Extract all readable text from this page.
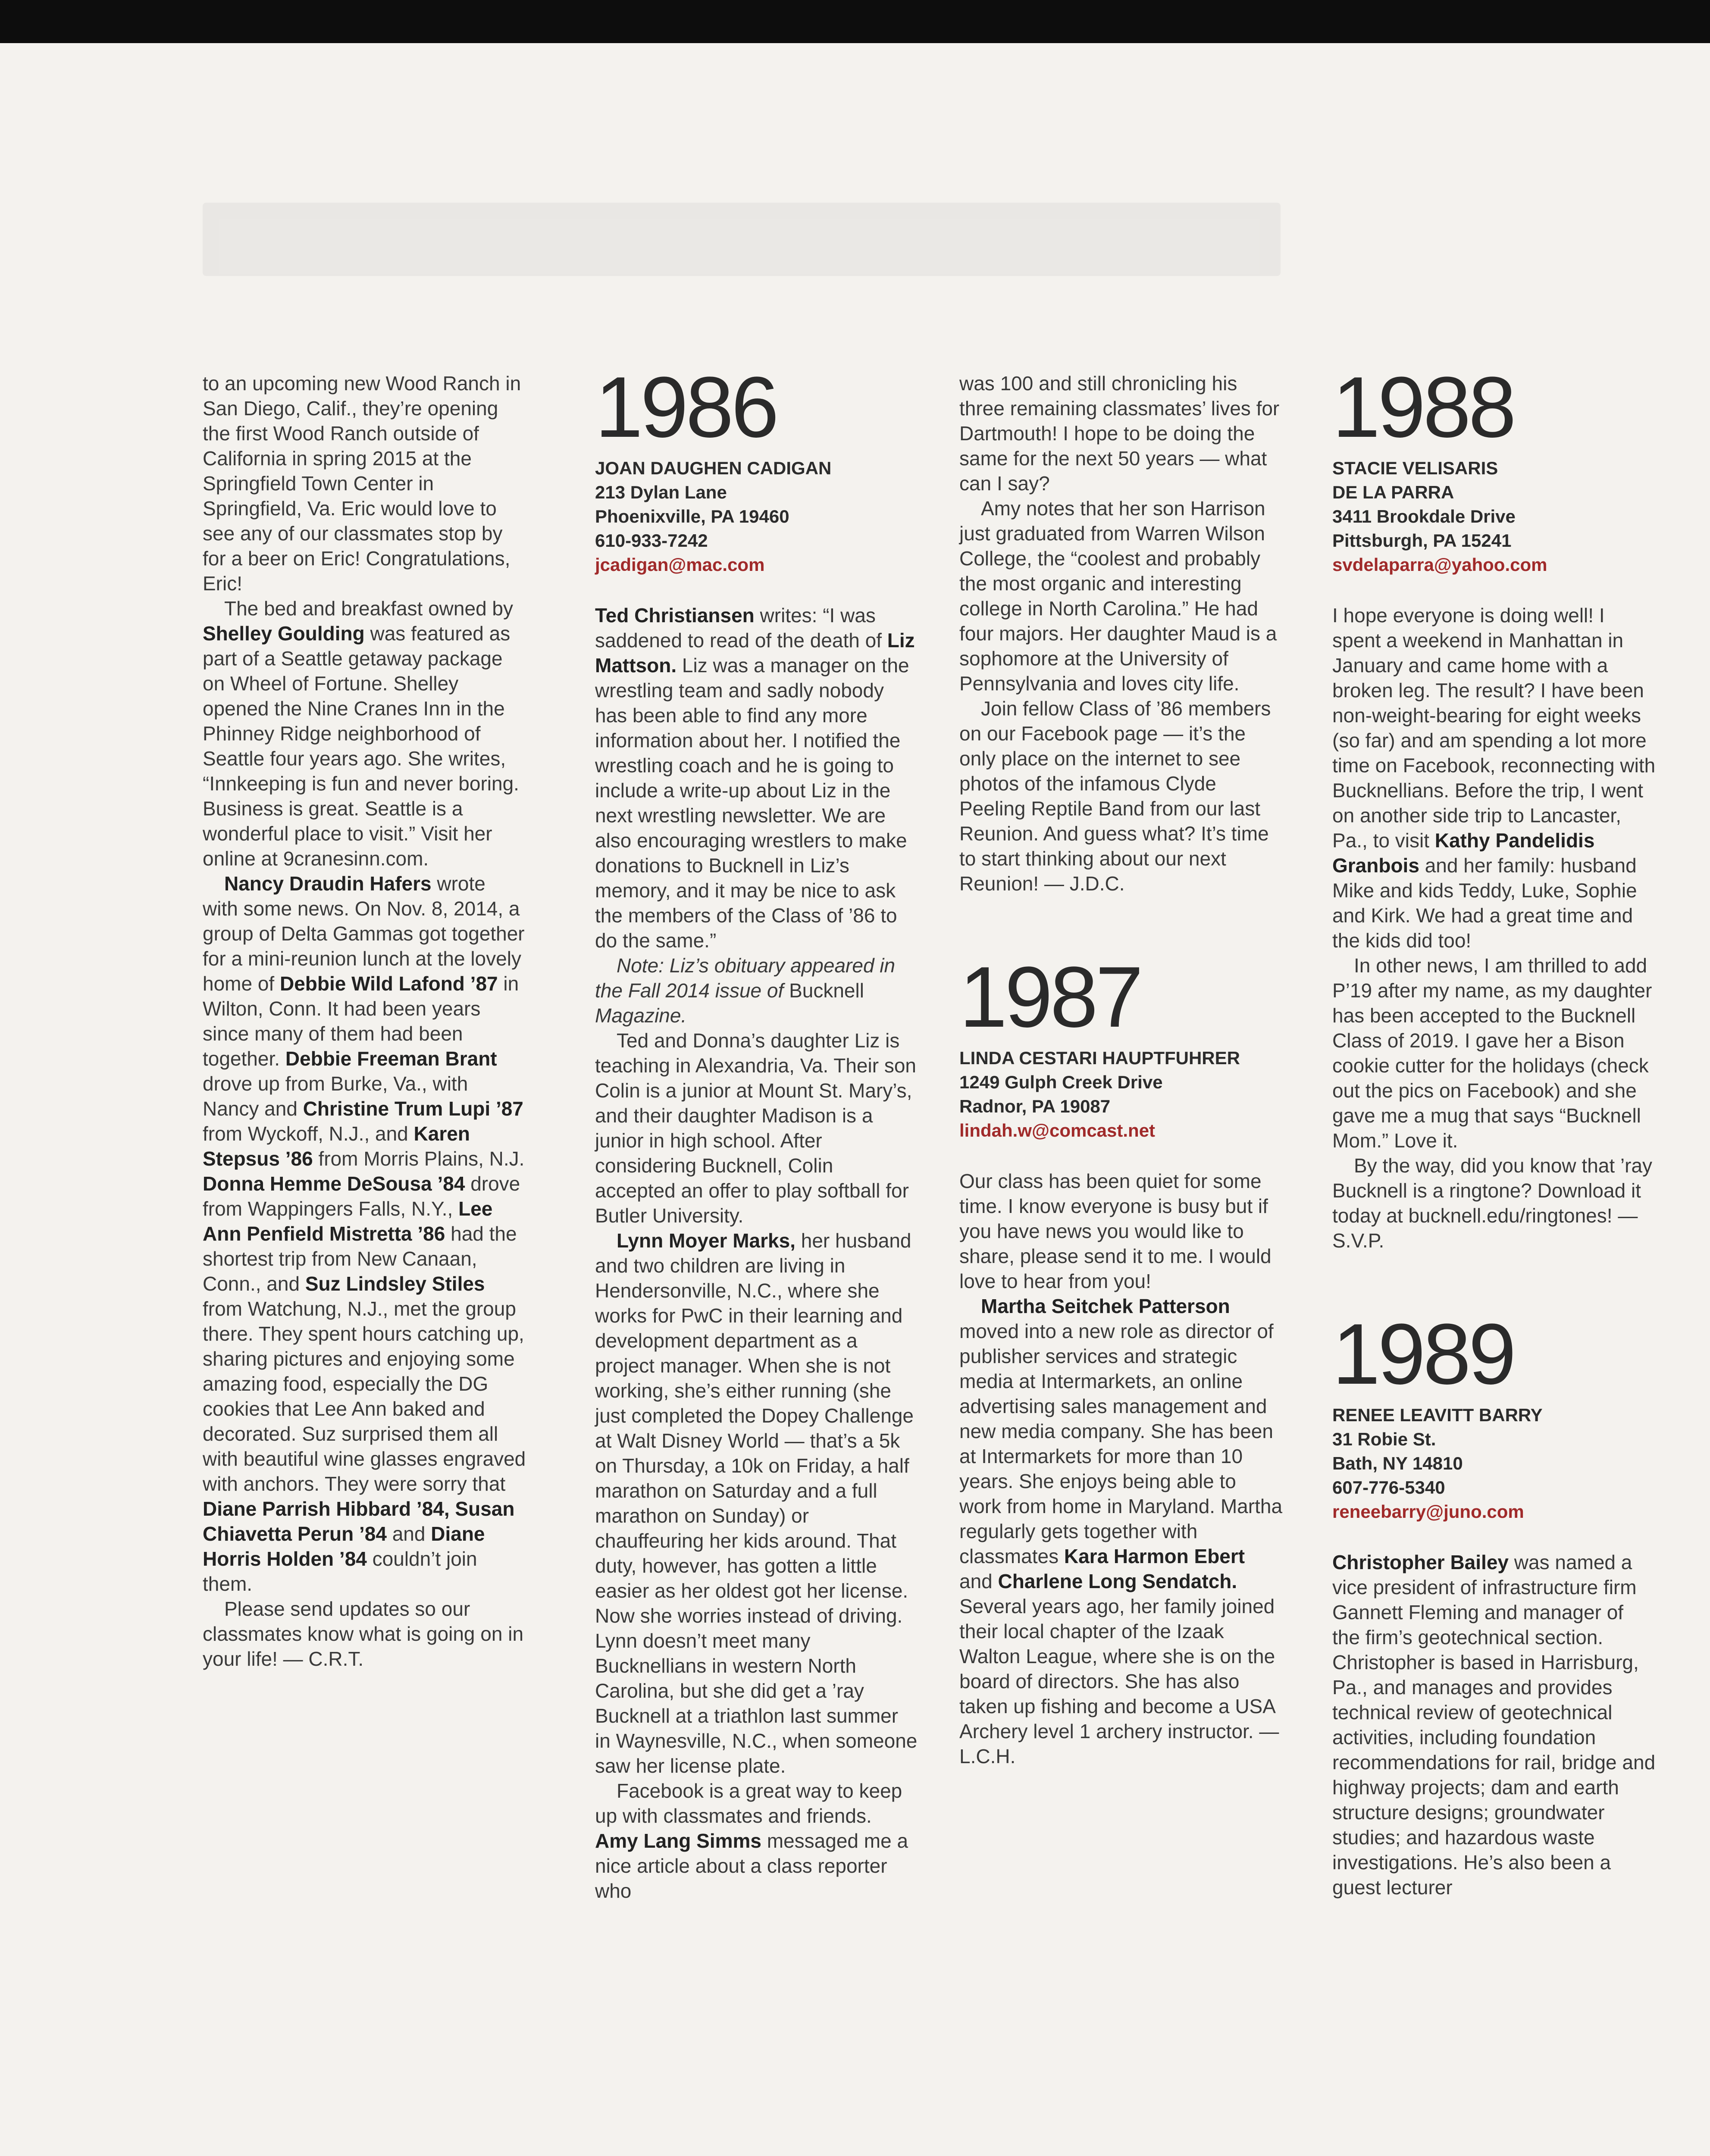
to an upcoming new Wood Ranch in San Diego, Calif., they’re opening the first Wood Ranch outside of California in spring 2015 at the Springfield Town Center in Springfield, Va. Eric would love to see any of our classmates stop by for a beer on Eric! Congratulations, Eric!

The bed and breakfast owned by Shelley Goulding was featured as part of a Seattle getaway package on Wheel of Fortune. Shelley opened the Nine Cranes Inn in the Phinney Ridge neighborhood of Seattle four years ago. She writes, “Innkeeping is fun and never boring. Business is great. Seattle is a wonderful place to visit.” Visit her online at 9cranesinn.com.

Nancy Draudin Hafers wrote with some news. On Nov. 8, 2014, a group of Delta Gammas got together for a mini-reunion lunch at the lovely home of Debbie Wild Lafond ’87 in Wilton, Conn. It had been years since many of them had been together. Debbie Freeman Brant drove up from Burke, Va., with Nancy and Christine Trum Lupi ’87 from Wyckoff, N.J., and Karen Stepsus ’86 from Morris Plains, N.J. Donna Hemme DeSousa ’84 drove from Wappingers Falls, N.Y., Lee Ann Penfield Mistretta ’86 had the shortest trip from New Canaan, Conn., and Suz Lindsley Stiles from Watchung, N.J., met the group there. They spent hours catching up, sharing pictures and enjoying some amazing food, especially the DG cookies that Lee Ann baked and decorated. Suz surprised them all with beautiful wine glasses engraved with anchors. They were sorry that Diane Parrish Hibbard ’84, Susan Chiavetta Perun ’84 and Diane Horris Holden ’84 couldn’t join them.

Please send updates so our classmates know what is going on in your life! — C.R.T.

1986
JOAN DAUGHEN CADIGAN
213 Dylan Lane
Phoenixville, PA 19460
610-933-7242
jcadigan@mac.com

Ted Christiansen writes: “I was saddened to read of the death of Liz Mattson. Liz was a manager on the wrestling team and sadly nobody has been able to find any more information about her. I notified the wrestling coach and he is going to include a write-up about Liz in the next wrestling newsletter. We are also encouraging wrestlers to make donations to Bucknell in Liz’s memory, and it may be nice to ask the members of the Class of ’86 to do the same.”

Note: Liz’s obituary appeared in the Fall 2014 issue of Bucknell Magazine.

Ted and Donna’s daughter Liz is teaching in Alexandria, Va. Their son Colin is a junior at Mount St. Mary’s, and their daughter Madison is a junior in high school. After considering Bucknell, Colin accepted an offer to play softball for Butler University.

Lynn Moyer Marks, her husband and two children are living in Hendersonville, N.C., where she works for PwC in their learning and development department as a project manager. When she is not working, she’s either running (she just completed the Dopey Challenge at Walt Disney World — that’s a 5k on Thursday, a 10k on Friday, a half marathon on Saturday and a full marathon on Sunday) or chauffeuring her kids around. That duty, however, has gotten a little easier as her oldest got her license. Now she worries instead of driving. Lynn doesn’t meet many Bucknellians in western North Carolina, but she did get a ’ray Bucknell at a triathlon last summer in Waynesville, N.C., when someone saw her license plate.

Facebook is a great way to keep up with classmates and friends. Amy Lang Simms messaged me a nice article about a class reporter who

was 100 and still chronicling his three remaining classmates’ lives for Dartmouth! I hope to be doing the same for the next 50 years — what can I say?

Amy notes that her son Harrison just graduated from Warren Wilson College, the “coolest and probably the most organic and interesting college in North Carolina.” He had four majors. Her daughter Maud is a sophomore at the University of Pennsylvania and loves city life.

Join fellow Class of ’86 members on our Facebook page — it’s the only place on the internet to see photos of the infamous Clyde Peeling Reptile Band from our last Reunion. And guess what? It’s time to start thinking about our next Reunion! — J.D.C.

1987
LINDA CESTARI HAUPTFUHRER
1249 Gulph Creek Drive
Radnor, PA 19087
lindah.w@comcast.net

Our class has been quiet for some time. I know everyone is busy but if you have news you would like to share, please send it to me. I would love to hear from you!

Martha Seitchek Patterson moved into a new role as director of publisher services and strategic media at Intermarkets, an online advertising sales management and new media company. She has been at Intermarkets for more than 10 years. She enjoys being able to work from home in Maryland. Martha regularly gets together with classmates Kara Harmon Ebert and Charlene Long Sendatch. Several years ago, her family joined their local chapter of the Izaak Walton League, where she is on the board of directors. She has also taken up fishing and become a USA Archery level 1 archery instructor. — L.C.H.

1988
STACIE VELISARIS
DE LA PARRA
3411 Brookdale Drive
Pittsburgh, PA 15241
svdelaparra@yahoo.com

I hope everyone is doing well! I spent a weekend in Manhattan in January and came home with a broken leg. The result? I have been non-weight-bearing for eight weeks (so far) and am spending a lot more time on Facebook, reconnecting with Bucknellians. Before the trip, I went on another side trip to Lancaster, Pa., to visit Kathy Pandelidis Granbois and her family: husband Mike and kids Teddy, Luke, Sophie and Kirk. We had a great time and the kids did too!

In other news, I am thrilled to add P’19 after my name, as my daughter has been accepted to the Bucknell Class of 2019. I gave her a Bison cookie cutter for the holidays (check out the pics on Facebook) and she gave me a mug that says “Bucknell Mom.” Love it.

By the way, did you know that ’ray Bucknell is a ringtone? Download it today at bucknell.edu/ringtones! — S.V.P.

1989
RENEE LEAVITT BARRY
31 Robie St.
Bath, NY 14810
607-776-5340
reneebarry@juno.com

Christopher Bailey was named a vice president of infrastructure firm Gannett Fleming and manager of the firm’s geotechnical section. Christopher is based in Harrisburg, Pa., and manages and provides technical review of geotechnical activities, including foundation recommendations for rail, bridge and highway projects; dam and earth structure designs; groundwater studies; and hazardous waste investigations. He’s also been a guest lecturer
